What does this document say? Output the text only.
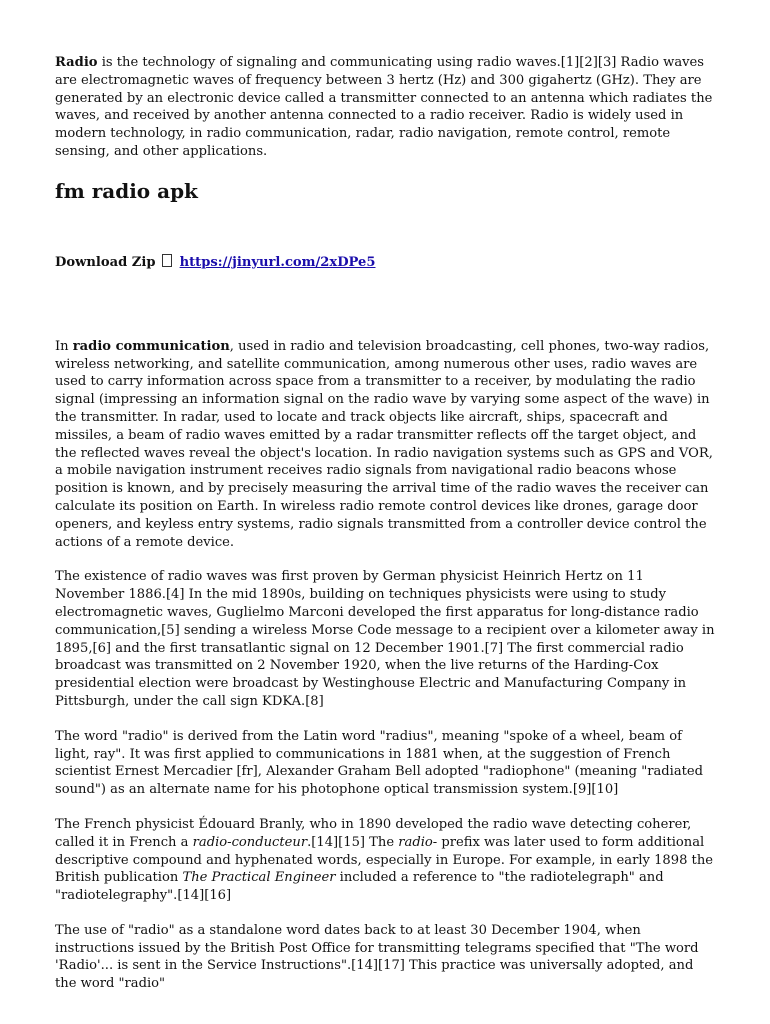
Radio is the technology of signaling and communicating using radio waves.[1][2][3] Radio waves are electromagnetic waves of frequency between 3 hertz (Hz) and 300 gigahertz (GHz). They are generated by an electronic device called a transmitter connected to an antenna which radiates the waves, and received by another antenna connected to a radio receiver. Radio is widely used in modern technology, in radio communication, radar, radio navigation, remote control, remote sensing, and other applications.

fm radio apk
Download Zip https://jinyurl.com/2xDPe5

In radio communication, used in radio and television broadcasting, cell phones, two-way radios, wireless networking, and satellite communication, among numerous other uses, radio waves are used to carry information across space from a transmitter to a receiver, by modulating the radio signal (impressing an information signal on the radio wave by varying some aspect of the wave) in the transmitter. In radar, used to locate and track objects like aircraft, ships, spacecraft and missiles, a beam of radio waves emitted by a radar transmitter reflects off the target object, and the reflected waves reveal the object's location. In radio navigation systems such as GPS and VOR, a mobile navigation instrument receives radio signals from navigational radio beacons whose position is known, and by precisely measuring the arrival time of the radio waves the receiver can calculate its position on Earth. In wireless radio remote control devices like drones, garage door openers, and keyless entry systems, radio signals transmitted from a controller device control the actions of a remote device.

The existence of radio waves was first proven by German physicist Heinrich Hertz on 11 November 1886.[4] In the mid 1890s, building on techniques physicists were using to study electromagnetic waves, Guglielmo Marconi developed the first apparatus for long-distance radio communication,[5] sending a wireless Morse Code message to a recipient over a kilometer away in 1895,[6] and the first transatlantic signal on 12 December 1901.[7] The first commercial radio broadcast was transmitted on 2 November 1920, when the live returns of the Harding-Cox presidential election were broadcast by Westinghouse Electric and Manufacturing Company in Pittsburgh, under the call sign KDKA.[8]

The word "radio" is derived from the Latin word "radius", meaning "spoke of a wheel, beam of light, ray". It was first applied to communications in 1881 when, at the suggestion of French scientist Ernest Mercadier [fr], Alexander Graham Bell adopted "radiophone" (meaning "radiated sound") as an alternate name for his photophone optical transmission system.[9][10]

The French physicist Édouard Branly, who in 1890 developed the radio wave detecting coherer, called it in French a radio-conducteur.[14][15] The radio- prefix was later used to form additional descriptive compound and hyphenated words, especially in Europe. For example, in early 1898 the British publication The Practical Engineer included a reference to "the radiotelegraph" and "radiotelegraphy".[14][16]

The use of "radio" as a standalone word dates back to at least 30 December 1904, when instructions issued by the British Post Office for transmitting telegrams specified that "The word 'Radio'... is sent in the Service Instructions".[14][17] This practice was universally adopted, and the word "radio"
